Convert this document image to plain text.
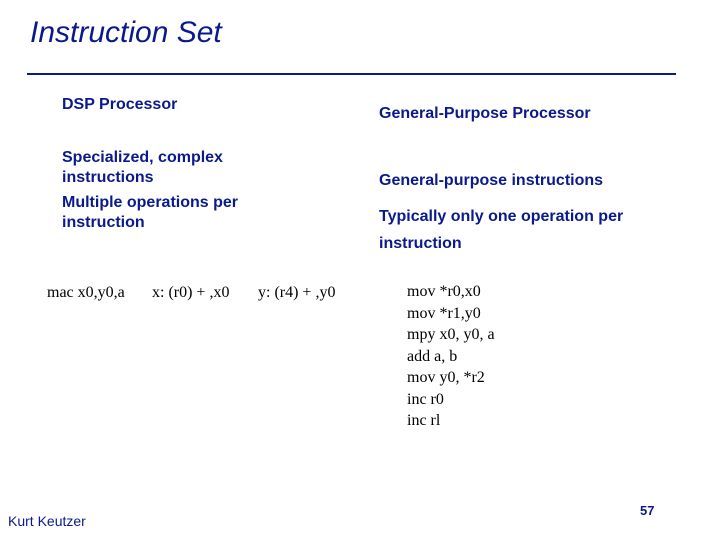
Instruction Set
DSP Processor
Specialized, complex instructions
Multiple operations per instruction
mac x0,y0,a x: (r0) + ,x0 y: (r4) + ,y0
General-Purpose Processor
General-purpose instructions
Typically only one operation per instruction
mov *r0,x0
mov *r1,y0
mpy x0, y0, a
add a, b
mov y0, *r2
inc r0
inc rl
Kurt Keutzer
57
